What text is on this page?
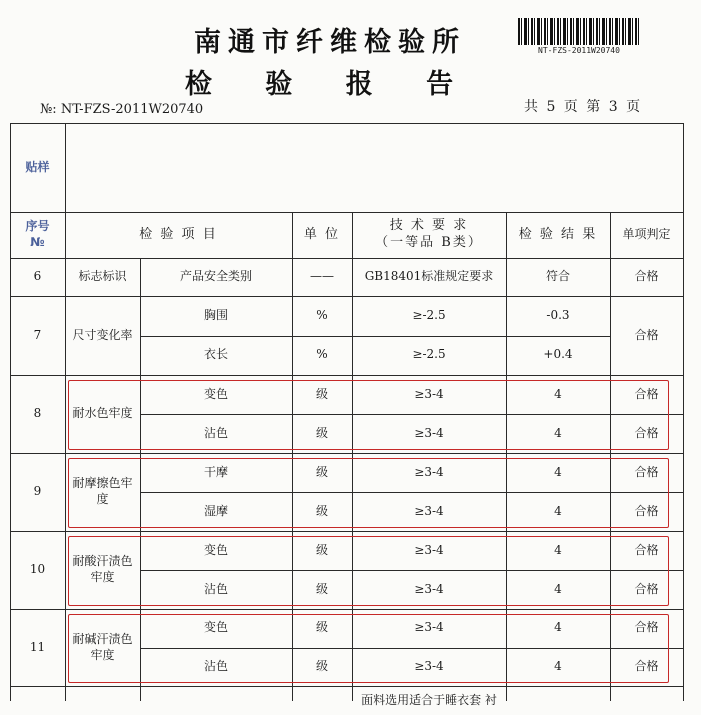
南通市纤维检验所
检 验 报 告
NT-FZS-2011W20740
№: NT-FZS-2011W20740	共 5 页 第 3 页
贴样
序号
№
检 验 项 目	单 位
技 术 要 求
（一等品 B类）
检 验 结 果	单项判定
6	标志标识	产品安全类别	——	GB18401标准规定要求	符合	合格
7	尺寸变化率
胸围	%	≥-2.5	-0.3
衣长	%	≥-2.5	+0.4
合格
8	耐水色牢度
变色	级	≥3-4	4	合格
沾色	级	≥3-4	4	合格
9
耐摩擦色牢
度
干摩	级	≥3-4	4	合格
湿摩	级	≥3-4	4	合格
10
耐酸汗渍色
牢度
变色	级	≥3-4	4	合格
沾色	级	≥3-4	4	合格
11
耐碱汗渍色
牢度
变色	级	≥3-4	4	合格
沾色	级	≥3-4	4	合格
面料选用适合于睡衣套 衬
